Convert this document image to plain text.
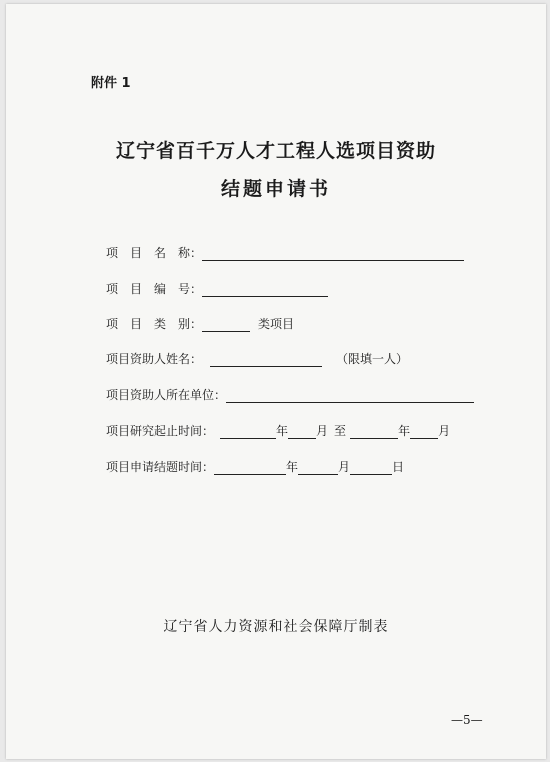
附件 1
辽宁省百千万人才工程人选项目资助
结题申请书
项　目　名　称：
项　目　编　号：
项　目　类　别：	类项目
项目资助人姓名：	（限填一人）
项目资助人所在单位：
项目研究起止时间：	年 月 至	年 月
项目申请结题时间：	年	月	日
辽宁省人力资源和社会保障厅制表
—5—
